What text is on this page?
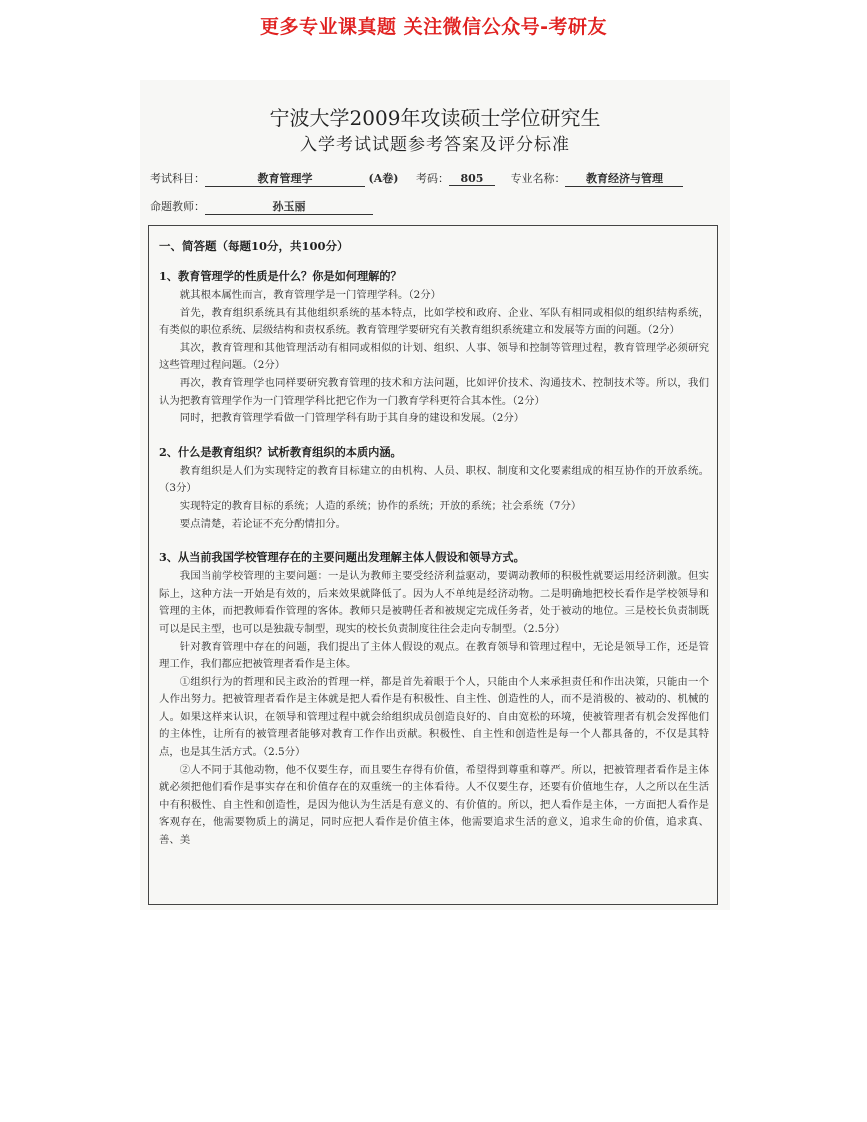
更多专业课真题 关注微信公众号-考研友
宁波大学2009年攻读硕士学位研究生
入学考试试题参考答案及评分标准
考试科目：	教育管理学	(A卷) 考码： 805 专业名称： 教育经济与管理
命题教师：	孙玉丽
一、简答题（每题10分，共100分）
1、教育管理学的性质是什么？你是如何理解的？

就其根本属性而言，教育管理学是一门管理学科。（2分）

首先，教育组织系统具有其他组织系统的基本特点，比如学校和政府、企业、军队有相同或相似的组织结构系统，有类似的职位系统、层级结构和责权系统。教育管理学要研究有关教育组织系统建立和发展等方面的问题。（2分）

其次，教育管理和其他管理活动有相同或相似的计划、组织、人事、领导和控制等管理过程，教育管理学必须研究这些管理过程问题。（2分）

再次，教育管理学也同样要研究教育管理的技术和方法问题，比如评价技术、沟通技术、控制技术等。所以，我们认为把教育管理学作为一门管理学科比把它作为一门教育学科更符合其本性。（2分）

同时，把教育管理学看做一门管理学科有助于其自身的建设和发展。（2分）

2、什么是教育组织？试析教育组织的本质内涵。

教育组织是人们为实现特定的教育目标建立的由机构、人员、职权、制度和文化要素组成的相互协作的开放系统。（3分）

实现特定的教育目标的系统；人造的系统；协作的系统；开放的系统；社会系统（7分）

要点清楚，若论证不充分酌情扣分。

3、从当前我国学校管理存在的主要问题出发理解主体人假设和领导方式。

我国当前学校管理的主要问题：一是认为教师主要受经济利益驱动，要调动教师的积极性就要运用经济刺激。但实际上，这种方法一开始是有效的，后来效果就降低了。因为人不单纯是经济动物。二是明确地把校长看作是学校领导和管理的主体，而把教师看作管理的客体。教师只是被聘任者和被规定完成任务者，处于被动的地位。三是校长负责制既可以是民主型，也可以是独裁专制型，现实的校长负责制度往往会走向专制型。（2.5分）

针对教育管理中存在的问题，我们提出了主体人假设的观点。在教育领导和管理过程中，无论是领导工作，还是管理工作，我们都应把被管理者看作是主体。

①组织行为的哲理和民主政治的哲理一样，都是首先着眼于个人，只能由个人来承担责任和作出决策，只能由一个人作出努力。把被管理者看作是主体就是把人看作是有积极性、自主性、创造性的人，而不是消极的、被动的、机械的人。如果这样来认识，在领导和管理过程中就会给组织成员创造良好的、自由宽松的环境，使被管理者有机会发挥他们的主体性，让所有的被管理者能够对教育工作作出贡献。积极性、自主性和创造性是每一个人都具备的，不仅是其特点，也是其生活方式。（2.5分）

②人不同于其他动物，他不仅要生存，而且要生存得有价值，希望得到尊重和尊严。所以，把被管理者看作是主体就必须把他们看作是事实存在和价值存在的双重统一的主体看待。人不仅要生存，还要有价值地生存，人之所以在生活中有积极性、自主性和创造性，是因为他认为生活是有意义的、有价值的。所以，把人看作是主体，一方面把人看作是客观存在，他需要物质上的满足，同时应把人看作是价值主体，他需要追求生活的意义，追求生命的价值，追求真、善、美
